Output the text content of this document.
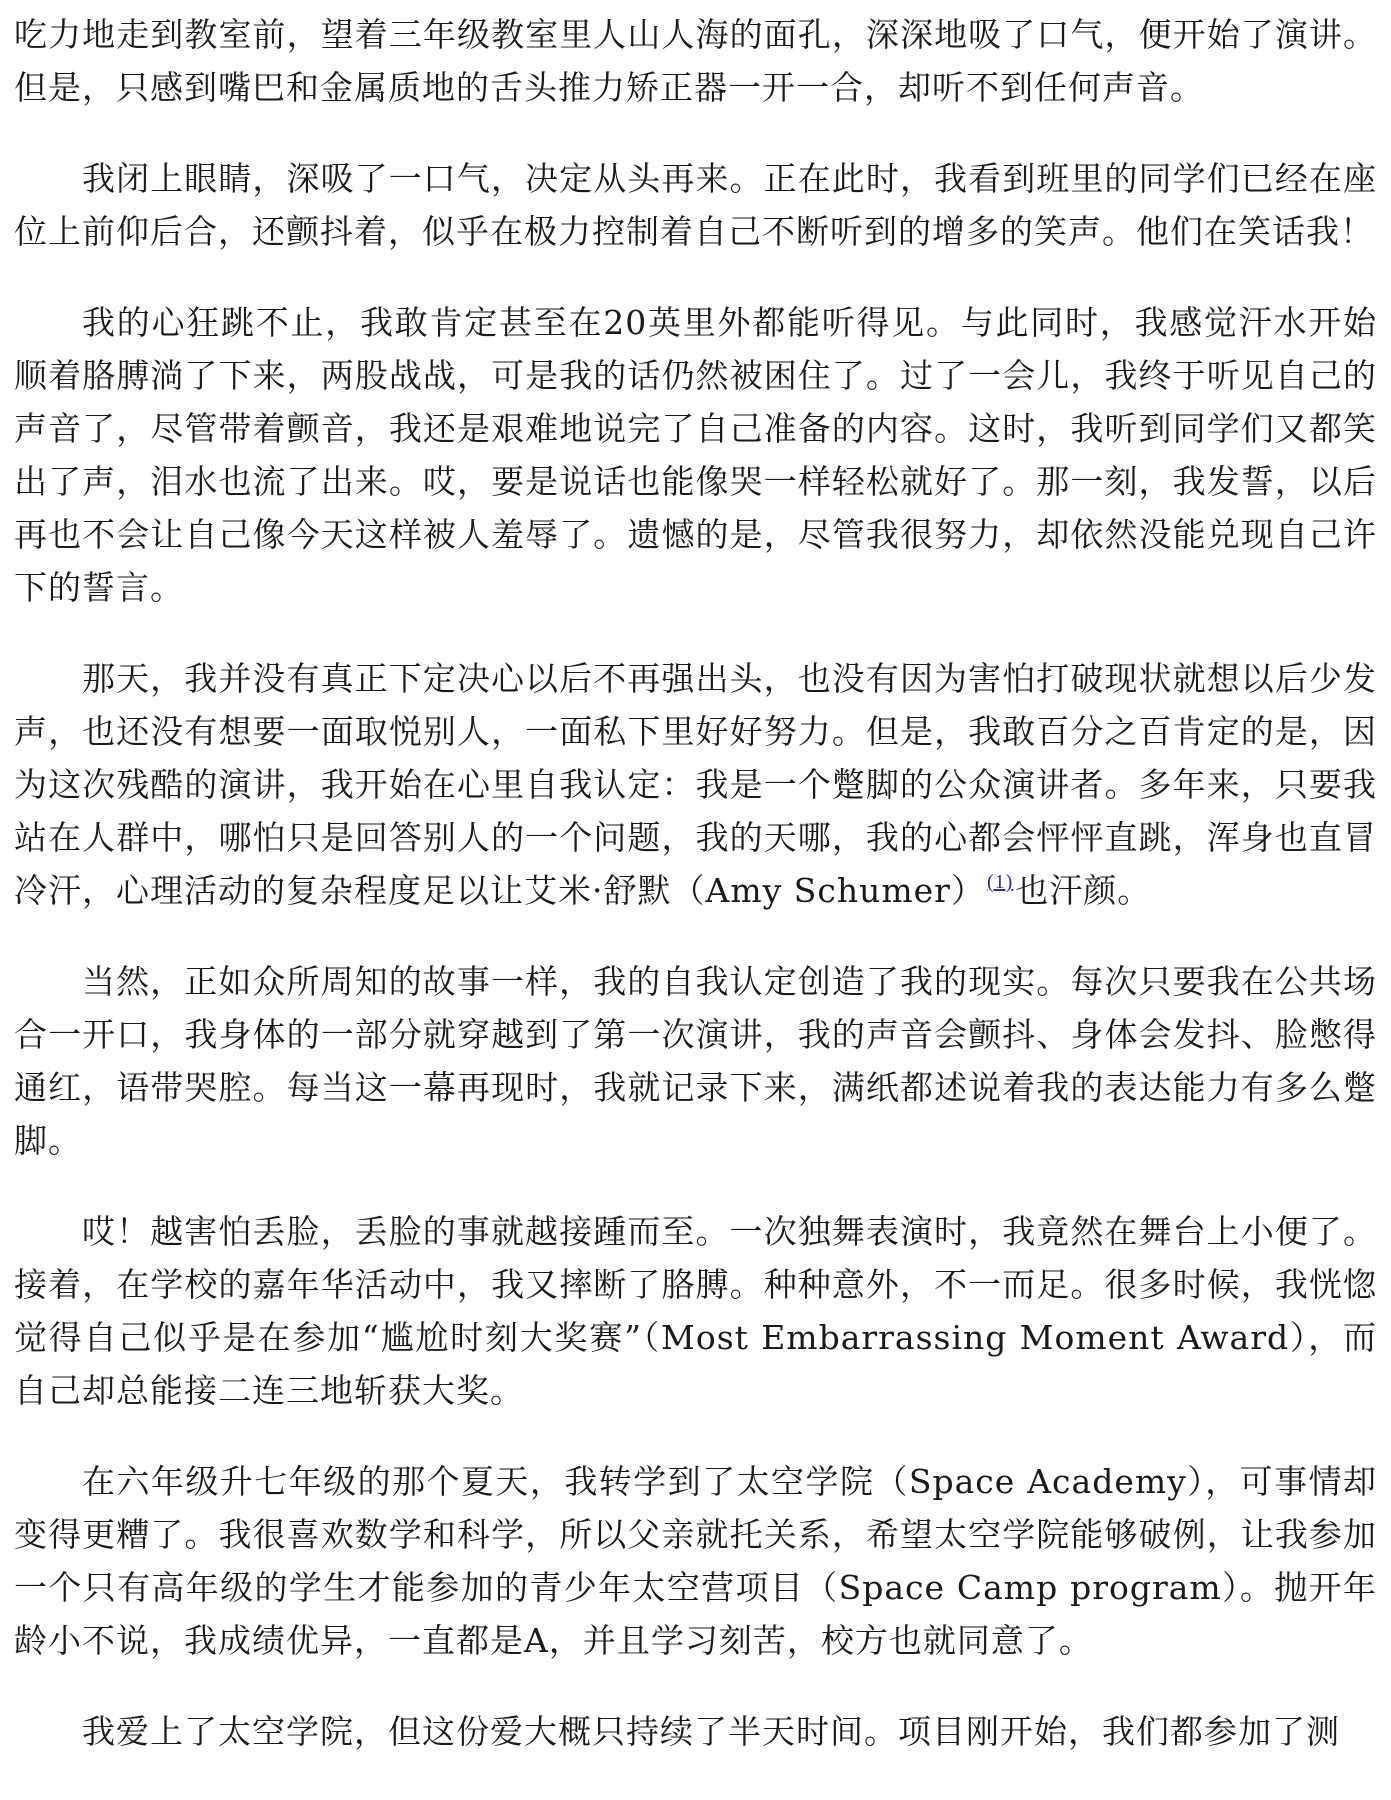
吃力地走到教室前，望着三年级教室里人山人海的面孔，深深地吸了口气，便开始了演讲。但是，只感到嘴巴和金属质地的舌头推力矫正器一开一合，却听不到任何声音。

我闭上眼睛，深吸了一口气，决定从头再来。正在此时，我看到班里的同学们已经在座位上前仰后合，还颤抖着，似乎在极力控制着自己不断听到的增多的笑声。他们在笑话我！

我的心狂跳不止，我敢肯定甚至在20英里外都能听得见。与此同时，我感觉汗水开始顺着胳膊淌了下来，两股战战，可是我的话仍然被困住了。过了一会儿，我终于听见自己的声音了，尽管带着颤音，我还是艰难地说完了自己准备的内容。这时，我听到同学们又都笑出了声，泪水也流了出来。哎，要是说话也能像哭一样轻松就好了。那一刻，我发誓，以后再也不会让自己像今天这样被人羞辱了。遗憾的是，尽管我很努力，却依然没能兑现自己许下的誓言。

那天，我并没有真正下定决心以后不再强出头，也没有因为害怕打破现状就想以后少发声，也还没有想要一面取悦别人，一面私下里好好努力。但是，我敢百分之百肯定的是，因为这次残酷的演讲，我开始在心里自我认定：我是一个蹩脚的公众演讲者。多年来，只要我站在人群中，哪怕只是回答别人的一个问题，我的天哪，我的心都会怦怦直跳，浑身也直冒冷汗，心理活动的复杂程度足以让艾米·舒默（Amy Schumer） $^{(1)}$也汗颜。

当然，正如众所周知的故事一样，我的自我认定创造了我的现实。每次只要我在公共场合一开口，我身体的一部分就穿越到了第一次演讲，我的声音会颤抖、身体会发抖、脸憋得通红，语带哭腔。每当这一幕再现时，我就记录下来，满纸都述说着我的表达能力有多么蹩脚。

哎！越害怕丢脸，丢脸的事就越接踵而至。一次独舞表演时，我竟然在舞台上小便了。接着，在学校的嘉年华活动中，我又摔断了胳膊。种种意外，不一而足。很多时候，我恍惚觉得自己似乎是在参加“尴尬时刻大奖赛”（Most Embarrassing Moment Award），而自己却总能接二连三地斩获大奖。

在六年级升七年级的那个夏天，我转学到了太空学院（Space Academy），可事情却变得更糟了。我很喜欢数学和科学，所以父亲就托关系，希望太空学院能够破例，让我参加一个只有高年级的学生才能参加的青少年太空营项目（Space Camp program）。抛开年龄小不说，我成绩优异，一直都是A，并且学习刻苦，校方也就同意了。

我爱上了太空学院，但这份爱大概只持续了半天时间。项目刚开始，我们都参加了测
